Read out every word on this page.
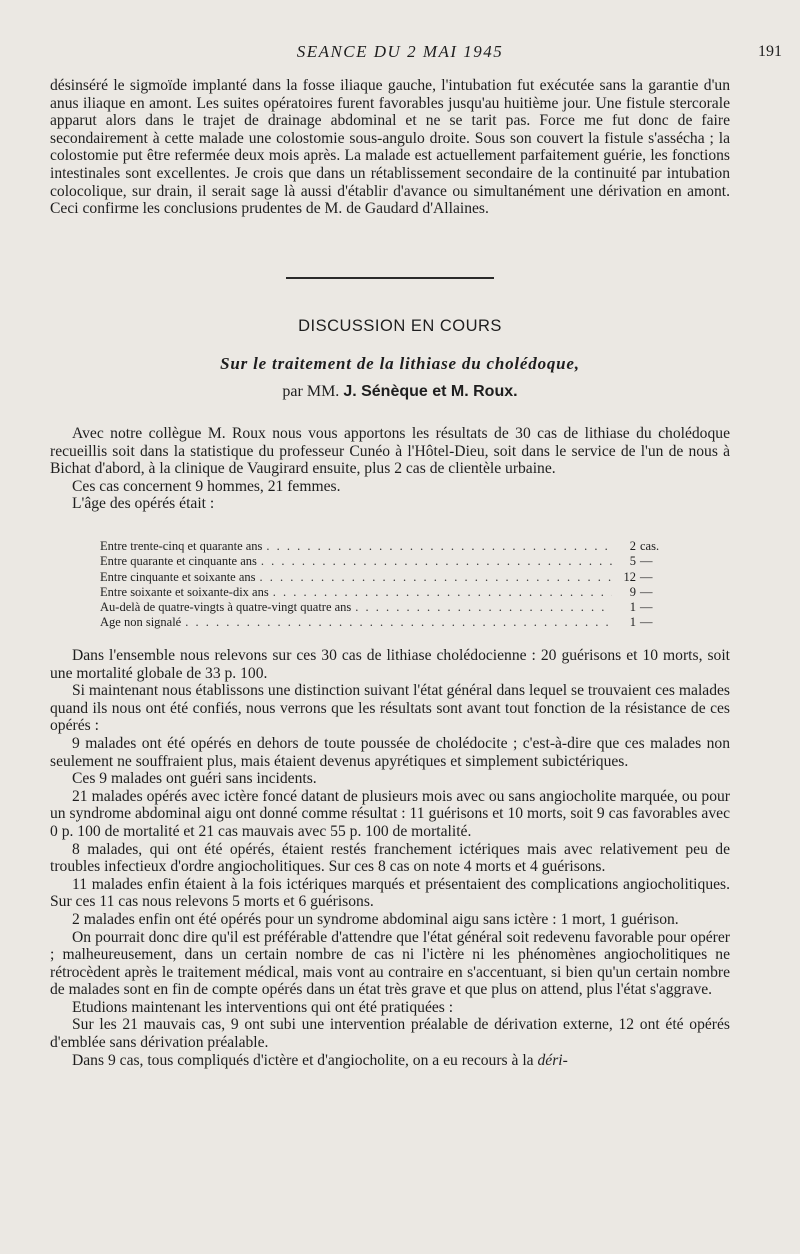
SEANCE DU 2 MAI 1945	191

désinséré le sigmoïde implanté dans la fosse iliaque gauche, l'intubation fut exécutée sans la garantie d'un anus iliaque en amont. Les suites opératoires furent favorables jusqu'au huitième jour. Une fistule stercorale apparut alors dans le trajet de drainage abdominal et ne se tarit pas. Force me fut donc de faire secondairement à cette malade une colostomie sous-angulo droite. Sous son couvert la fistule s'asséchа ; la colostomie put être refermée deux mois après. La malade est actuellement parfaitement guérie, les fonctions intestinales sont excellentes. Je crois que dans un rétablissement secondaire de la continuité par intubation colocolique, sur drain, il serait sage là aussi d'établir d'avance ou simultanément une dérivation en amont. Ceci confirme les conclusions prudentes de M. de Gaudard d'Allaines.

DISCUSSION EN COURS
Sur le traitement de la lithiase du cholédoque,
par MM. J. Sénèque et M. Roux.

Avec notre collègue M. Roux nous vous apportons les résultats de 30 cas de lithiase du cholédoque recueillis soit dans la statistique du professeur Cunéo à l'Hôtel-Dieu, soit dans le service de l'un de nous à Bichat d'abord, à la clinique de Vaugirard ensuite, plus 2 cas de clientèle urbaine.

Ces cas concernent 9 hommes, 21 femmes.

L'âge des opérés était :

Entre trente-cinq et quarante ans . . .	2 cas.
Entre quarante et cinquante ans . . .	5 —
Entre cinquante et soixante ans . . .	12 —
Entre soixante et soixante-dix ans . . .	9 —
Au-delà de quatre-vingts à quatre-vingt quatre ans . . .	1 —
Age non signalé . . .	1 —

Dans l'ensemble nous relevons sur ces 30 cas de lithiase cholédocienne : 20 guérisons et 10 morts, soit une mortalité globale de 33 p. 100.

Si maintenant nous établissons une distinction suivant l'état général dans lequel se trouvaient ces malades quand ils nous ont été confiés, nous verrons que les résultats sont avant tout fonction de la résistance de ces opérés :

9 malades ont été opérés en dehors de toute poussée de cholédocite ; c'est-à-dire que ces malades non seulement ne souffraient plus, mais étaient devenus apyrétiques et simplement subictériques.

Ces 9 malades ont guéri sans incidents.

21 malades opérés avec ictère foncé datant de plusieurs mois avec ou sans angiocholite marquée, ou pour un syndrome abdominal aigu ont donné comme résultat : 11 guérisons et 10 morts, soit 9 cas favorables avec 0 p. 100 de mortalité et 21 cas mauvais avec 55 p. 100 de mortalité.

8 malades, qui ont été opérés, étaient restés franchement ictériques mais avec relativement peu de troubles infectieux d'ordre angiocholitiques. Sur ces 8 cas on note 4 morts et 4 guérisons.

11 malades enfin étaient à la fois ictériques marqués et présentaient des complications angiocholitiques. Sur ces 11 cas nous relevons 5 morts et 6 guérisons.

2 malades enfin ont été opérés pour un syndrome abdominal aigu sans ictère : 1 mort, 1 guérison.

On pourrait donc dire qu'il est préférable d'attendre que l'état général soit redevenu favorable pour opérer ; malheureusement, dans un certain nombre de cas ni l'ictère ni les phénomènes angiocholitiques ne rétrocèdent après le traitement médical, mais vont au contraire en s'accentuant, si bien qu'un certain nombre de malades sont en fin de compte opérés dans un état très grave et que plus on attend, plus l'état s'aggrave.

Etudions maintenant les interventions qui ont été pratiquées :

Sur les 21 mauvais cas, 9 ont subi une intervention préalable de dérivation externe, 12 ont été opérés d'emblée sans dérivation préalable.

Dans 9 cas, tous compliqués d'ictère et d'angiocholite, on a eu recours à la déri-
